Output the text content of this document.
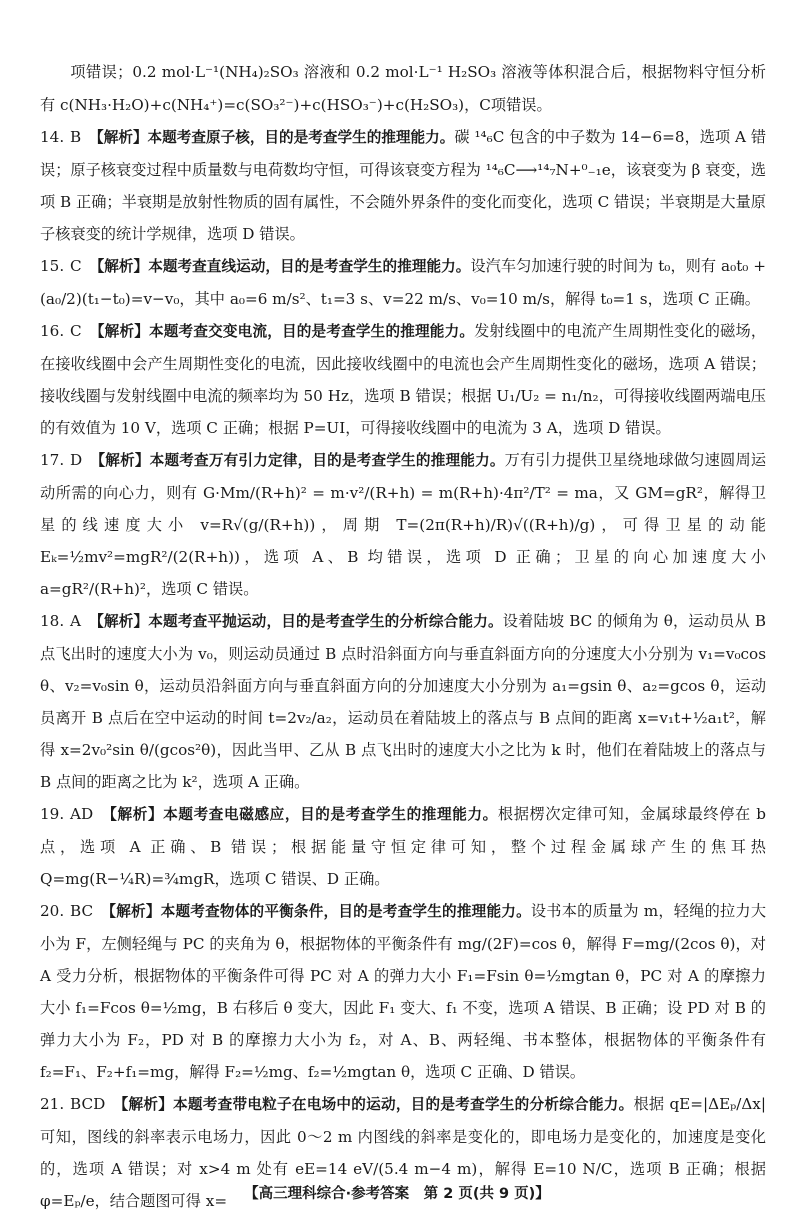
项错误；0.2 mol·L⁻¹(NH₄)₂SO₃ 溶液和 0.2 mol·L⁻¹ H₂SO₃ 溶液等体积混合后，根据物料守恒分析有 c(NH₃·H₂O)+c(NH₄⁺)=c(SO₃²⁻)+c(HSO₃⁻)+c(H₂SO₃)，C项错误。

14. B　 【解析】本题考查原子核，目的是考查学生的推理能力。碳 ¹⁴₆C 包含的中子数为 14−6=8，选项 A 错误；原子核衰变过程中质量数与电荷数均守恒，可得该衰变方程为 ¹⁴₆C⟶¹⁴₇N+⁰₋₁e，该衰变为 β 衰变，选项 B 正确；半衰期是放射性物质的固有属性，不会随外界条件的变化而变化，选项 C 错误；半衰期是大量原子核衰变的统计学规律，选项 D 错误。

15. C　 【解析】本题考查直线运动，目的是考查学生的推理能力。设汽车匀加速行驶的时间为 t₀，则有 a₀t₀ + (a₀/2)(t₁−t₀)=v−v₀，其中 a₀=6 m/s²、t₁=3 s、v=22 m/s、v₀=10 m/s，解得 t₀=1 s，选项 C 正确。

16. C　 【解析】本题考查交变电流，目的是考查学生的推理能力。发射线圈中的电流产生周期性变化的磁场，在接收线圈中会产生周期性变化的电流，因此接收线圈中的电流也会产生周期性变化的磁场，选项 A 错误；接收线圈与发射线圈中电流的频率均为 50 Hz，选项 B 错误；根据 U₁/U₂ = n₁/n₂，可得接收线圈两端电压的有效值为 10 V，选项 C 正确；根据 P=UI，可得接收线圈中的电流为 3 A，选项 D 错误。

17. D　 【解析】本题考查万有引力定律，目的是考查学生的推理能力。万有引力提供卫星绕地球做匀速圆周运动所需的向心力，则有 G·Mm/(R+h)² = m·v²/(R+h) = m(R+h)·4π²/T² = ma，又 GM=gR²，解得卫星的线速度大小 v=R√(g/(R+h))，周期 T=(2π(R+h)/R)√((R+h)/g)，可得卫星的动能 Eₖ=½mv²=mgR²/(2(R+h))，选项 A、B 均错误，选项 D 正确；卫星的向心加速度大小 a=gR²/(R+h)²，选项 C 错误。

18. A　 【解析】本题考查平抛运动，目的是考查学生的分析综合能力。设着陆坡 BC 的倾角为 θ，运动员从 B 点飞出时的速度大小为 v₀，则运动员通过 B 点时沿斜面方向与垂直斜面方向的分速度大小分别为 v₁=v₀cos θ、v₂=v₀sin θ，运动员沿斜面方向与垂直斜面方向的分加速度大小分别为 a₁=gsin θ、a₂=gcos θ，运动员离开 B 点后在空中运动的时间 t=2v₂/a₂，运动员在着陆坡上的落点与 B 点间的距离 x=v₁t+½a₁t²，解得 x=2v₀²sin θ/(gcos²θ)，因此当甲、乙从 B 点飞出时的速度大小之比为 k 时，他们在着陆坡上的落点与 B 点间的距离之比为 k²，选项 A 正确。

19. AD　 【解析】本题考查电磁感应，目的是考查学生的推理能力。根据楞次定律可知，金属球最终停在 b 点，选项 A 正确、B 错误；根据能量守恒定律可知，整个过程金属球产生的焦耳热 Q=mg(R−¼R)=¾mgR，选项 C 错误、D 正确。

20. BC　 【解析】本题考查物体的平衡条件，目的是考查学生的推理能力。设书本的质量为 m，轻绳的拉力大小为 F，左侧轻绳与 PC 的夹角为 θ，根据物体的平衡条件有 mg/(2F)=cos θ，解得 F=mg/(2cos θ)，对 A 受力分析，根据物体的平衡条件可得 PC 对 A 的弹力大小 F₁=Fsin θ=½mgtan θ，PC 对 A 的摩擦力大小 f₁=Fcos θ=½mg，B 右移后 θ 变大，因此 F₁ 变大、f₁ 不变，选项 A 错误、B 正确；设 PD 对 B 的弹力大小为 F₂，PD 对 B 的摩擦力大小为 f₂，对 A、B、两轻绳、书本整体，根据物体的平衡条件有 f₂=F₁、F₂+f₁=mg，解得 F₂=½mg、f₂=½mgtan θ，选项 C 正确、D 错误。

21. BCD　 【解析】本题考查带电粒子在电场中的运动，目的是考查学生的分析综合能力。根据 qE=|ΔEₚ/Δx| 可知，图线的斜率表示电场力，因此 0～2 m 内图线的斜率是变化的，即电场力是变化的，加速度是变化的，选项 A 错误；对 x>4 m 处有 eE=14 eV/(5.4 m−4 m)，解得 E=10 N/C，选项 B 正确；根据 φ=Eₚ/e，结合题图可得 x=	【高三理科综合·参考答案　第 2 页(共 9 页)】
